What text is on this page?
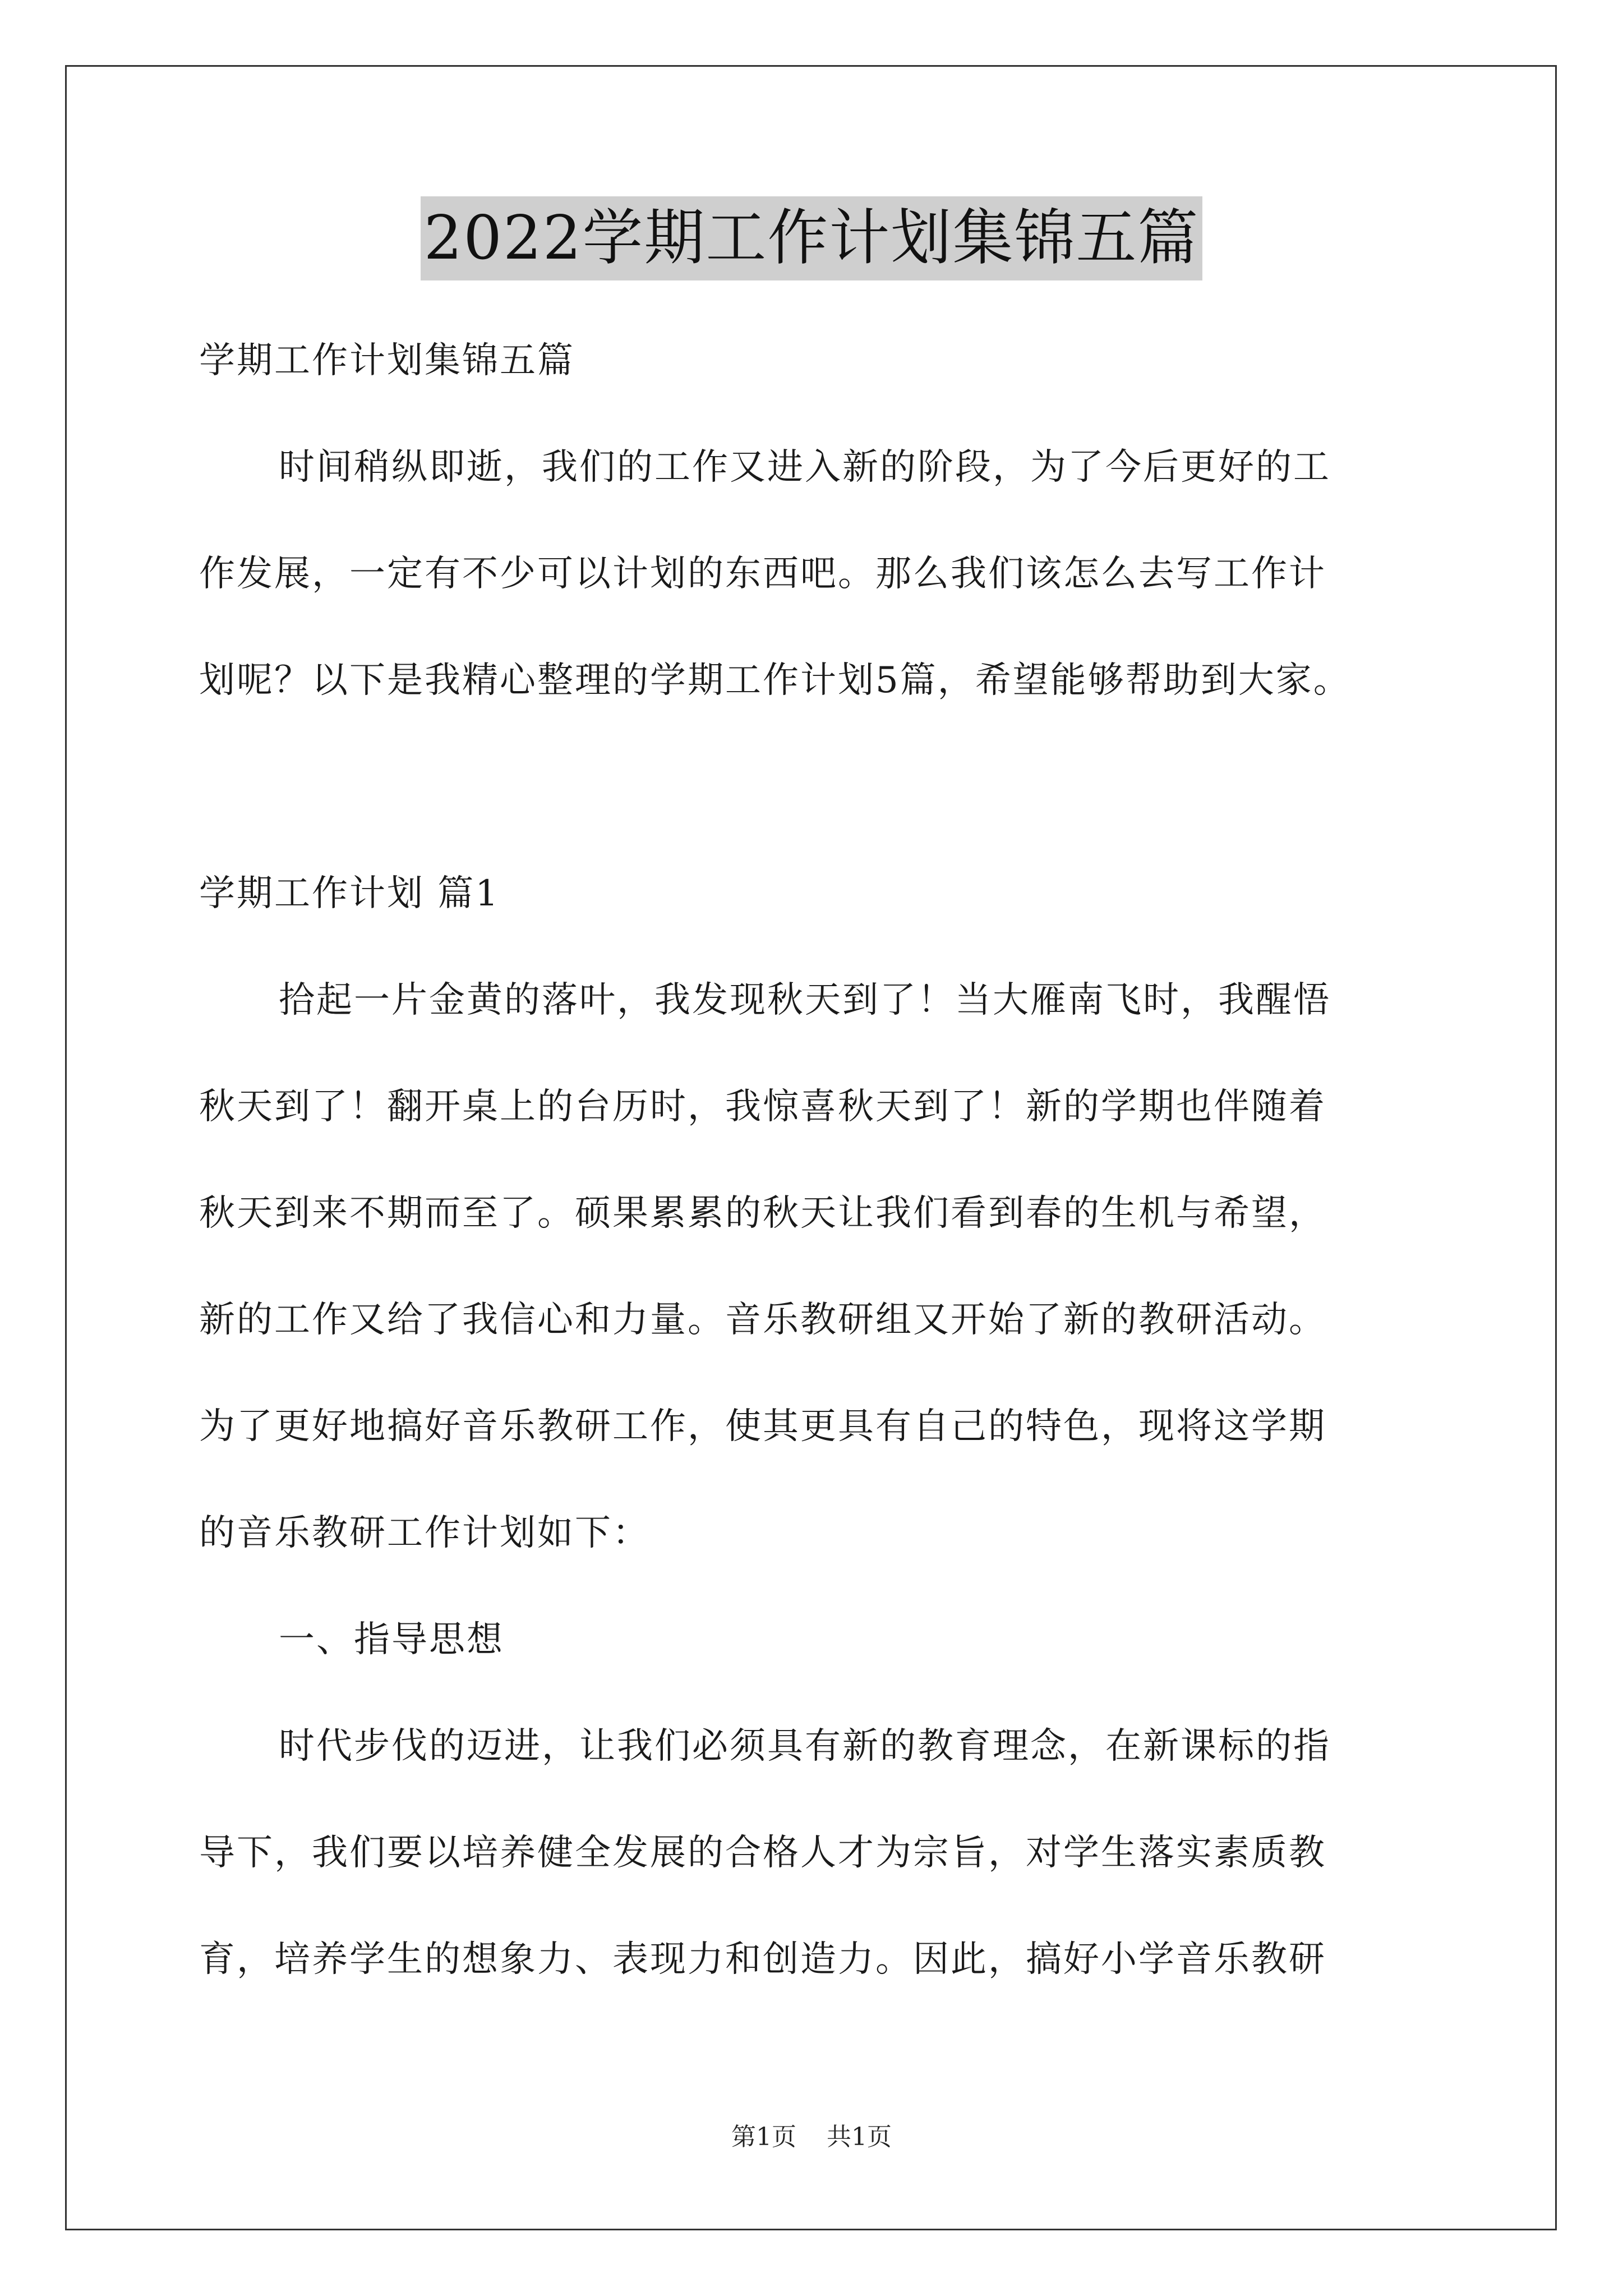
2022学期工作计划集锦五篇
学期工作计划集锦五篇
时间稍纵即逝，我们的工作又进入新的阶段，为了今后更好的工
作发展，一定有不少可以计划的东西吧。那么我们该怎么去写工作计
划呢？以下是我精心整理的学期工作计划5篇，希望能够帮助到大家。
学期工作计划 篇1
拾起一片金黄的落叶，我发现秋天到了！当大雁南飞时，我醒悟
秋天到了！翻开桌上的台历时，我惊喜秋天到了！新的学期也伴随着
秋天到来不期而至了。硕果累累的秋天让我们看到春的生机与希望，
新的工作又给了我信心和力量。音乐教研组又开始了新的教研活动。
为了更好地搞好音乐教研工作，使其更具有自己的特色，现将这学期
的音乐教研工作计划如下：
一、指导思想
时代步伐的迈进，让我们必须具有新的教育理念，在新课标的指
导下，我们要以培养健全发展的合格人才为宗旨，对学生落实素质教
育，培养学生的想象力、表现力和创造力。因此，搞好小学音乐教研
第1页 共1页
